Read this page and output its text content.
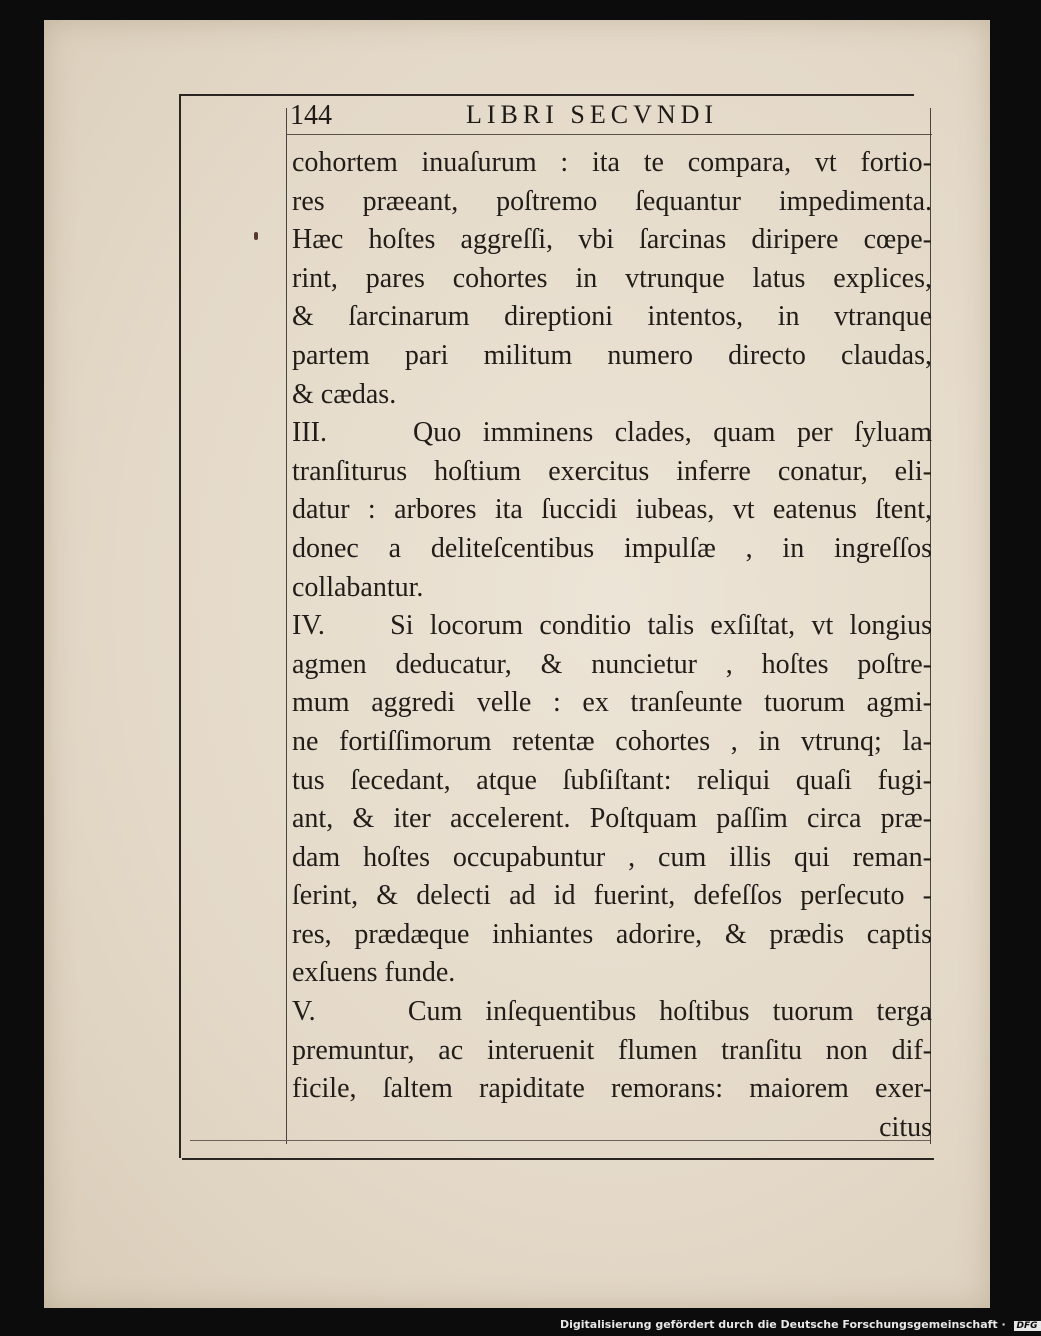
144	LIBRI SECVNDI
cohortem inuaſurum : ita te compara, vt fortio-
res præeant, poſtremo ſequantur impedimenta.
Hæc hoſtes aggreſſi, vbi ſarcinas diripere cœpe-
rint, pares cohortes in vtrunque latus explices,
& ſarcinarum direptioni intentos, in vtranque
partem pari militum numero directo claudas,
& cædas.
III.    Quo imminens clades, quam per ſyluam
tranſiturus hoſtium exercitus inferre conatur, eli-
datur : arbores ita ſuccidi iubeas, vt eatenus ſtent,
donec a deliteſcentibus impulſæ , in ingreſſos
collabantur.
IV.    Si locorum conditio talis exſiſtat, vt longius
agmen deducatur, & nuncietur , hoſtes poſtre-
mum aggredi velle : ex tranſeunte tuorum agmi-
ne fortiſſimorum retentæ cohortes , in vtrunq; la-
tus ſecedant, atque ſubſiſtant: reliqui quaſi fugi-
ant, & iter accelerent. Poſtquam paſſim circa præ-
dam hoſtes occupabuntur , cum illis qui reman-
ſerint, & delecti ad id fuerint, defeſſos perſecuto -
res, prædæque inhiantes adorire, & prædis captis
exſuens funde.
V.    Cum inſequentibus hoſtibus tuorum terga
premuntur, ac interuenit flumen tranſitu non dif-
ficile, ſaltem rapiditate remorans: maiorem exer-
citus
Digitalisierung gefördert durch die Deutsche Forschungsgemeinschaft · DFG
